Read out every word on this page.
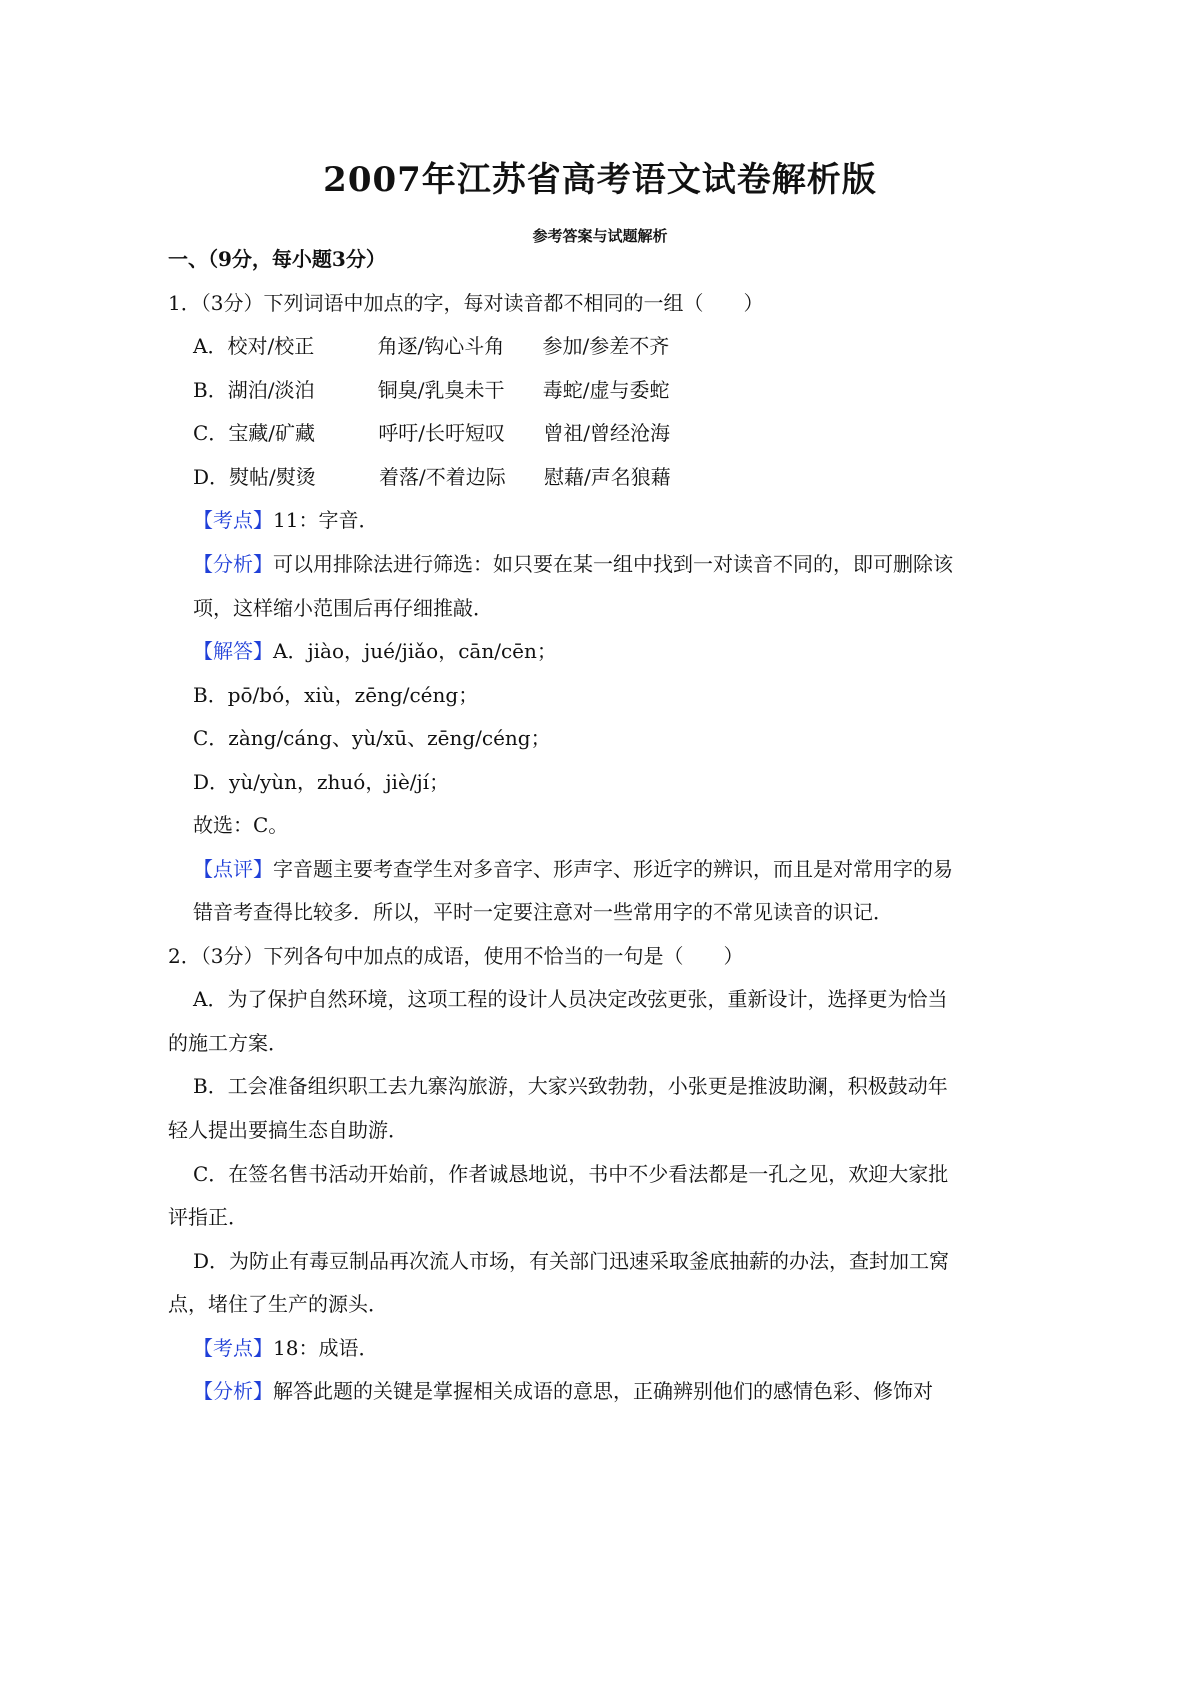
2007年江苏省高考语文试卷解析版
参考答案与试题解析
一、（9分，每小题3分）
1．（3分）下列词语中加点的字，每对读音都不相同的一组（　　）
A．校对/校正	角逐/钩心斗角 参加/参差不齐
B．湖泊/淡泊	铜臭/乳臭未干 毒蛇/虚与委蛇
C．宝藏/矿藏	呼吁/长吁短叹 曾祖/曾经沧海
D．熨帖/熨烫	着落/不着边际 慰藉/声名狼藉
【考点】11：字音．
【分析】可以用排除法进行筛选：如只要在某一组中找到一对读音不同的，即可删除该
项，这样缩小范围后再仔细推敲．
【解答】A．jiào，jué/jiǎo，cān/cēn；
B．pō/bó，xiù，zēng/céng；
C．zàng/cáng、yù/xū、zēng/céng；
D．yù/yùn，zhuó，jiè/jí；
故选：C。
【点评】字音题主要考查学生对多音字、形声字、形近字的辨识，而且是对常用字的易
错音考查得比较多．所以，平时一定要注意对一些常用字的不常见读音的识记．
2．（3分）下列各句中加点的成语，使用不恰当的一句是（　　）
A．为了保护自然环境，这项工程的设计人员决定改弦更张，重新设计，选择更为恰当
的施工方案．
B．工会准备组织职工去九寨沟旅游，大家兴致勃勃，小张更是推波助澜，积极鼓动年
轻人提出要搞生态自助游．
C．在签名售书活动开始前，作者诚恳地说，书中不少看法都是一孔之见，欢迎大家批
评指正．
D．为防止有毒豆制品再次流人市场，有关部门迅速采取釜底抽薪的办法，查封加工窝
点，堵住了生产的源头．
【考点】18：成语．
【分析】解答此题的关键是掌握相关成语的意思，正确辨别他们的感情色彩、修饰对
